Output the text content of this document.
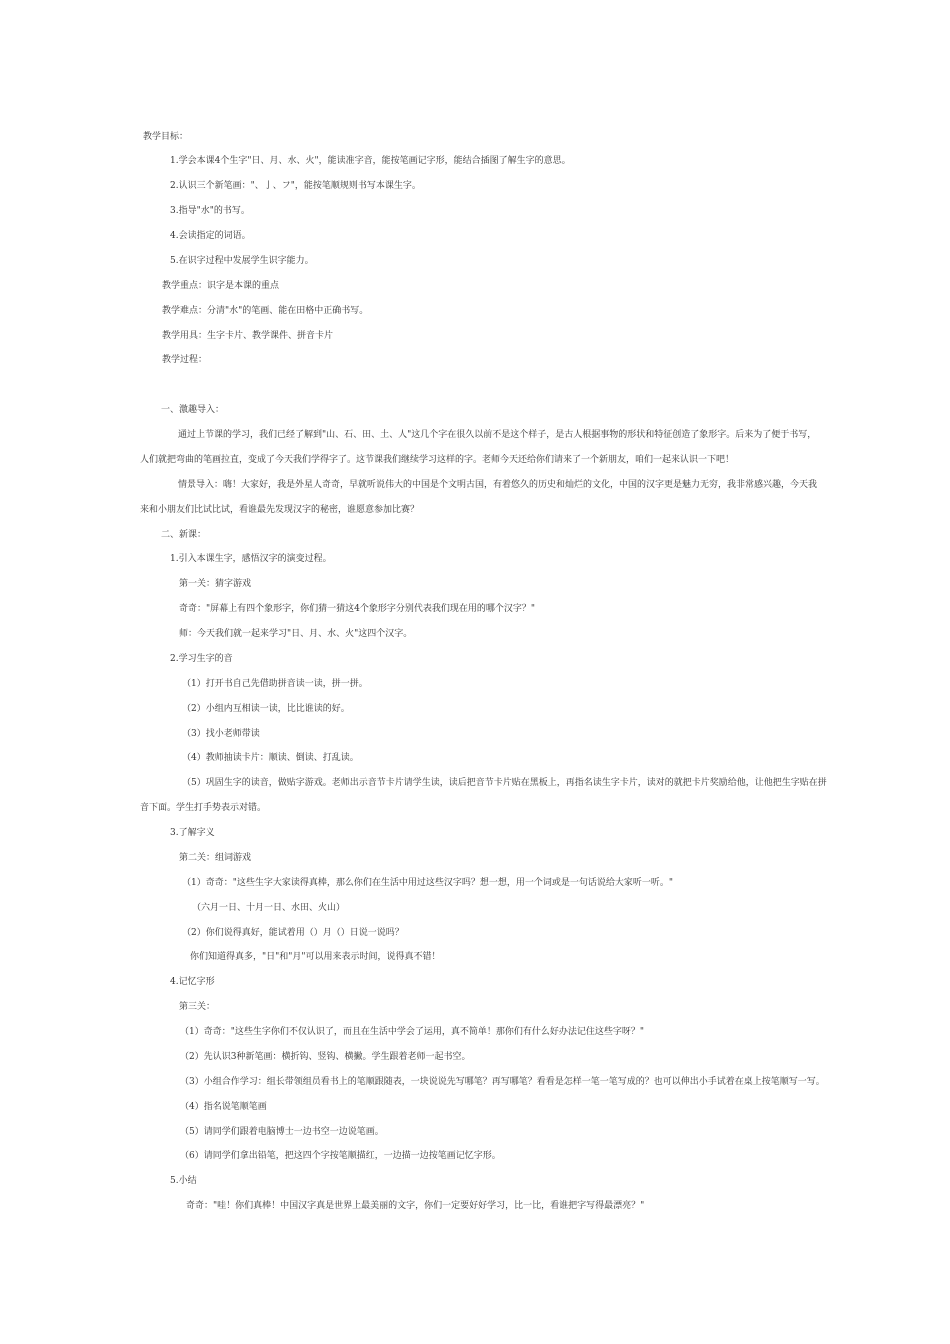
教学目标：
1.学会本课4个生字"日、月、水、火"，能读准字音，能按笔画记字形，能结合插图了解生字的意思。
2.认识三个新笔画："、亅、フ"，能按笔顺规则书写本课生字。
3.指导"水"的书写。
4.会读指定的词语。
5.在识字过程中发展学生识字能力。
教学重点：识字是本课的重点
教学难点：分清"水"的笔画、能在田格中正确书写。
教学用具：生字卡片、教学课件、拼音卡片
教学过程：
一、激趣导入：
通过上节课的学习，我们已经了解到"山、石、田、土、人"这几个字在很久以前不是这个样子，是古人根据事物的形状和特征创造了象形字。后来为了便于书写，
人们就把弯曲的笔画拉直，变成了今天我们学得字了。这节课我们继续学习这样的字。老师今天还给你们请来了一个新朋友，咱们一起来认识一下吧！
情景导入：嗨！大家好，我是外星人奇奇，早就听说伟大的中国是个文明古国，有着悠久的历史和灿烂的文化，中国的汉字更是魅力无穷，我非常感兴趣，今天我
来和小朋友们比试比试，看谁最先发现汉字的秘密，谁愿意参加比赛？
二、新课：
1.引入本课生字，感悟汉字的演变过程。
第一关：猜字游戏
奇奇："屏幕上有四个象形字，你们猜一猜这4个象形字分别代表我们现在用的哪个汉字？"
师：今天我们就一起来学习"日、月、水、火"这四个汉字。
2.学习生字的音
（1）打开书自己先借助拼音读一读，拼一拼。
（2）小组内互相读一读，比比谁读的好。
（3）找小老师带读
（4）教师抽读卡片：顺读、倒读、打乱读。
（5）巩固生字的读音，做贴字游戏。老师出示音节卡片请学生读，读后把音节卡片贴在黑板上，再指名读生字卡片，读对的就把卡片奖励给他，让他把生字贴在拼
音下面。学生打手势表示对错。
3.了解字义
第二关：组词游戏
（1）奇奇："这些生字大家读得真棒，那么你们在生活中用过这些汉字吗？想一想，用一个词或是一句话说给大家听一听。"
（六月一日、十月一日、水田、火山）
（2）你们说得真好，能试着用（）月（）日说一说吗？
你们知道得真多，"日"和"月"可以用来表示时间，说得真不错！
4.记忆字形
第三关：
（1）奇奇："这些生字你们不仅认识了，而且在生活中学会了运用，真不简单！那你们有什么好办法记住这些字呀？"
（2）先认识3种新笔画：横折钩、竖钩、横撇。学生跟着老师一起书空。
（3）小组合作学习：组长带领组员看书上的笔顺跟随表，一块说说先写哪笔？再写哪笔？看看是怎样一笔一笔写成的？也可以伸出小手试着在桌上按笔顺写一写。
（4）指名说笔顺笔画
（5）请同学们跟着电脑博士一边书空一边说笔画。
（6）请同学们拿出铅笔，把这四个字按笔顺描红，一边描一边按笔画记忆字形。
5.小结
奇奇："哇！你们真棒！中国汉字真是世界上最美丽的文字，你们一定要好好学习，比一比，看谁把字写得最漂亮？"
